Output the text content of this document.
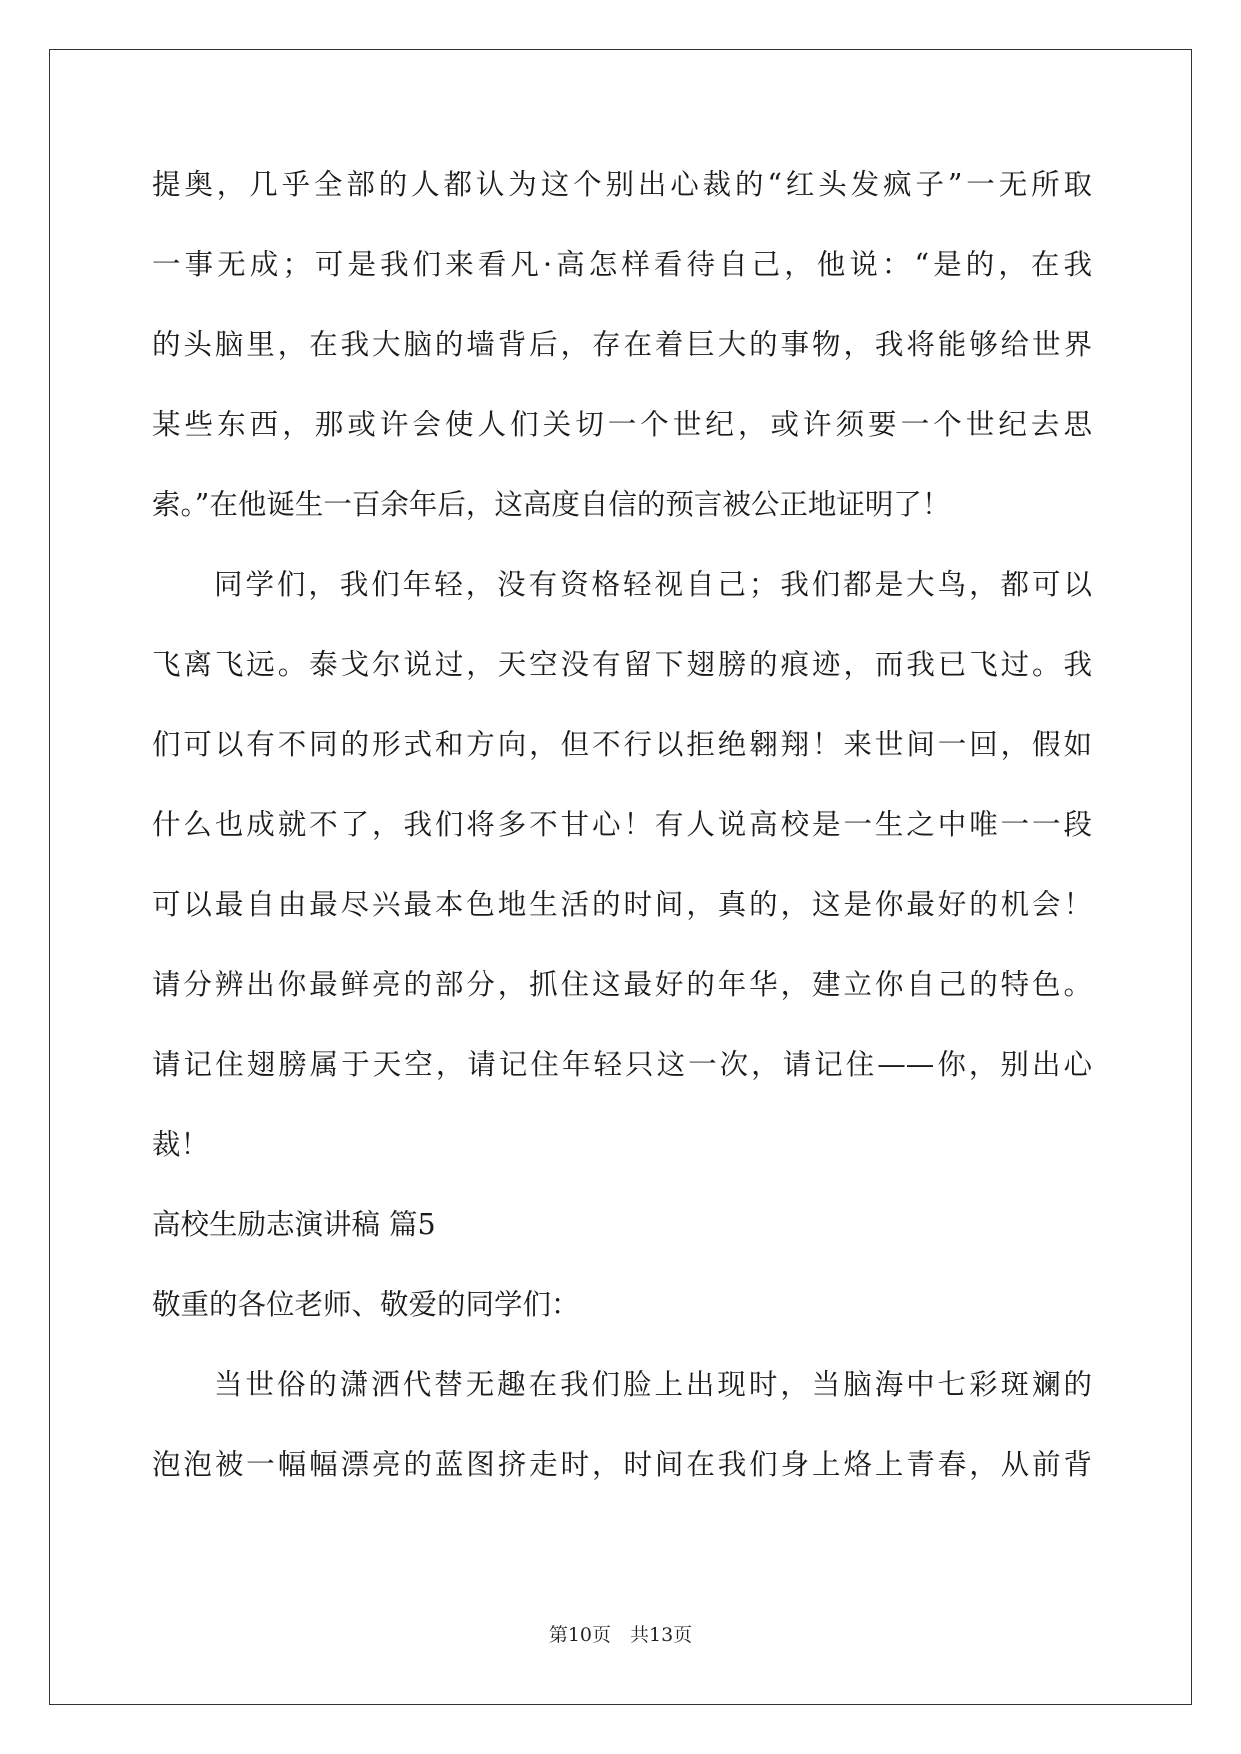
提奥，几乎全部的人都认为这个别出心裁的“红头发疯子”一无所取
一事无成；可是我们来看凡·高怎样看待自己，他说：“是的，在我
的头脑里，在我大脑的墙背后，存在着巨大的事物，我将能够给世界
某些东西，那或许会使人们关切一个世纪，或许须要一个世纪去思
索。”在他诞生一百余年后，这高度自信的预言被公正地证明了！
同学们，我们年轻，没有资格轻视自己；我们都是大鸟，都可以
飞离飞远。泰戈尔说过，天空没有留下翅膀的痕迹，而我已飞过。我
们可以有不同的形式和方向，但不行以拒绝翱翔！来世间一回，假如
什么也成就不了，我们将多不甘心！有人说高校是一生之中唯一一段
可以最自由最尽兴最本色地生活的时间，真的，这是你最好的机会！
请分辨出你最鲜亮的部分，抓住这最好的年华，建立你自己的特色。
请记住翅膀属于天空，请记住年轻只这一次，请记住——你，别出心
裁！
高校生励志演讲稿 篇5
敬重的各位老师、敬爱的同学们：
当世俗的潇洒代替无趣在我们脸上出现时，当脑海中七彩斑斓的
泡泡被一幅幅漂亮的蓝图挤走时，时间在我们身上烙上青春，从前背
第10页　共13页
